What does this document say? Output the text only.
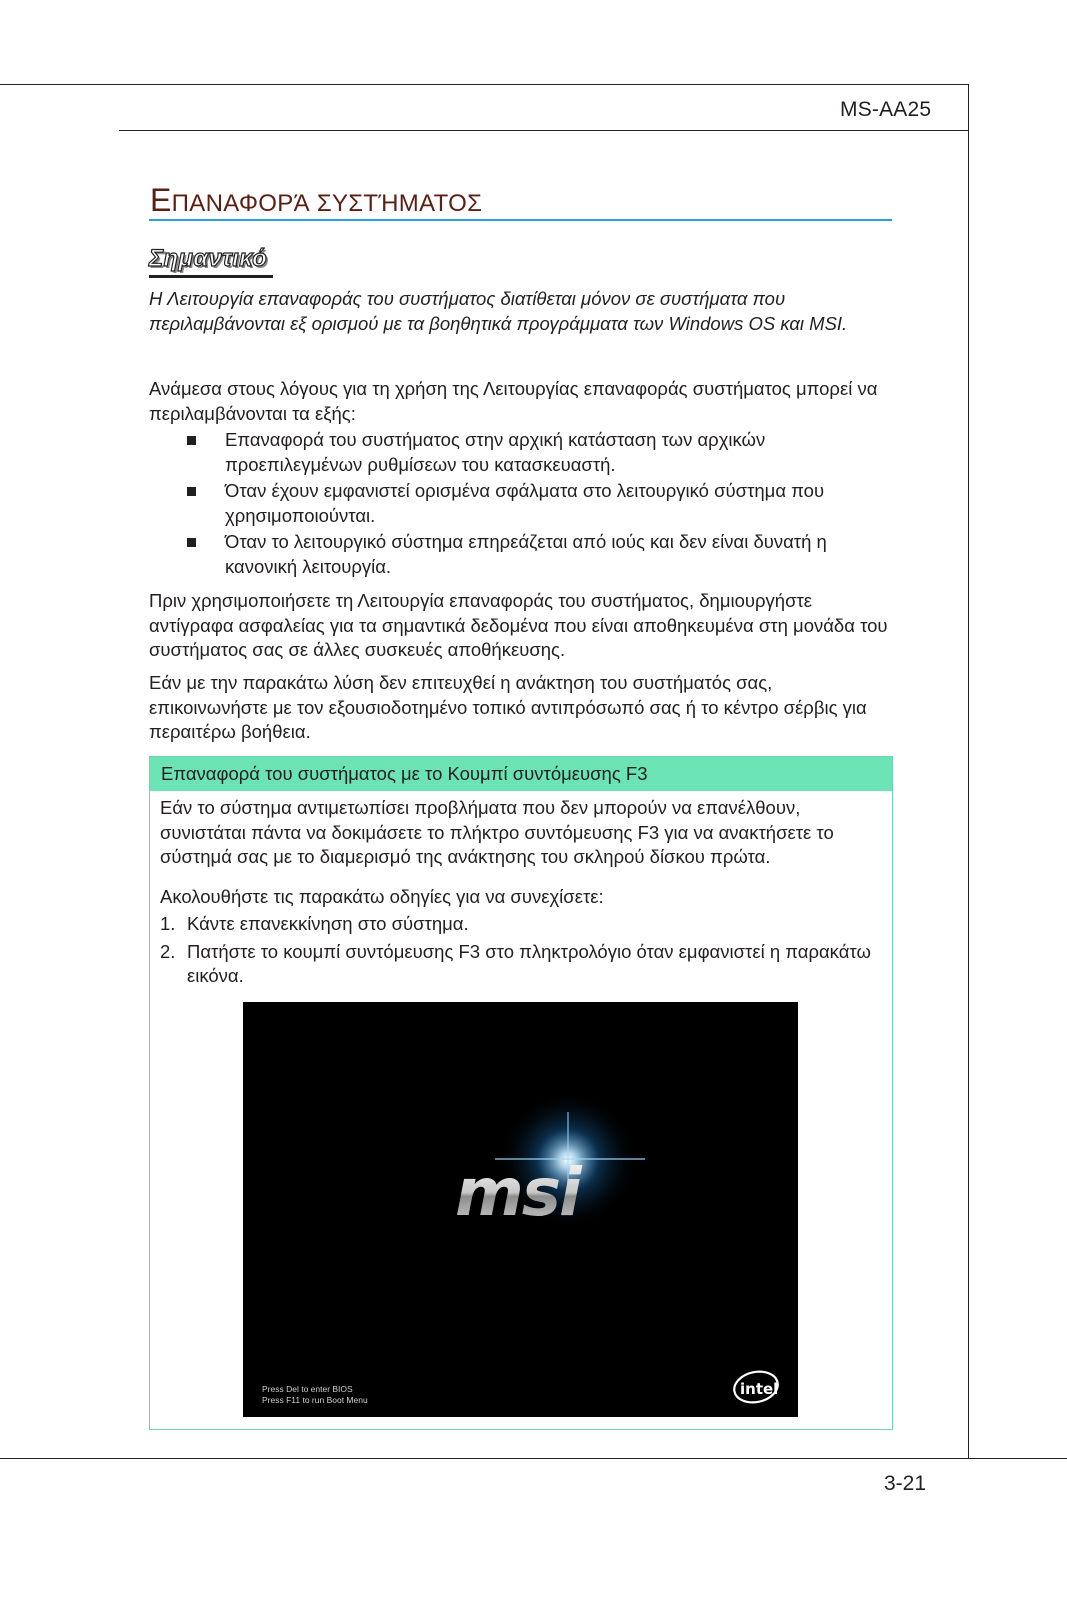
MS-AA25
ΕΠΑΝΑΦΟΡΆ ΣΥΣΤΉΜΑΤΟΣ
Σημαντικό
Η Λειτουργία επαναφοράς του συστήματος διατίθεται μόνον σε συστήματα που περιλαμβάνονται εξ ορισμού με τα βοηθητικά προγράμματα των Windows OS και MSI.
Ανάμεσα στους λόγους για τη χρήση της Λειτουργίας επαναφοράς συστήματος μπορεί να περιλαμβάνονται τα εξής:
Επαναφορά του συστήματος στην αρχική κατάσταση των αρχικών προεπιλεγμένων ρυθμίσεων του κατασκευαστή.
Όταν έχουν εμφανιστεί ορισμένα σφάλματα στο λειτουργικό σύστημα που χρησιμοποιούνται.
Όταν το λειτουργικό σύστημα επηρεάζεται από ιούς και δεν είναι δυνατή η κανονική λειτουργία.
Πριν χρησιμοποιήσετε τη Λειτουργία επαναφοράς του συστήματος, δημιουργήστε αντίγραφα ασφαλείας για τα σημαντικά δεδομένα που είναι αποθηκευμένα στη μονάδα του συστήματος σας σε άλλες συσκευές αποθήκευσης.
Εάν με την παρακάτω λύση δεν επιτευχθεί η ανάκτηση του συστήματός σας, επικοινωνήστε με τον εξουσιοδοτημένο τοπικό αντιπρόσωπό σας ή το κέντρο σέρβις για περαιτέρω βοήθεια.
Επαναφορά του συστήματος με το Κουμπί συντόμευσης F3
Εάν το σύστημα αντιμετωπίσει προβλήματα που δεν μπορούν να επανέλθουν, συνιστάται πάντα να δοκιμάσετε το πλήκτρο συντόμευσης F3 για να ανακτήσετε το σύστημά σας με το διαμερισμό της ανάκτησης του σκληρού δίσκου πρώτα.
Ακολουθήστε τις παρακάτω οδηγίες για να συνεχίσετε:
1. Κάντε επανεκκίνηση στο σύστημα.
2. Πατήστε το κουμπί συντόμευσης F3 στο πληκτρολόγιο όταν εμφανιστεί η παρακάτω εικόνα.
msi
Press Del to enter BIOS
Press F11 to run Boot Menu
intel
3-21
